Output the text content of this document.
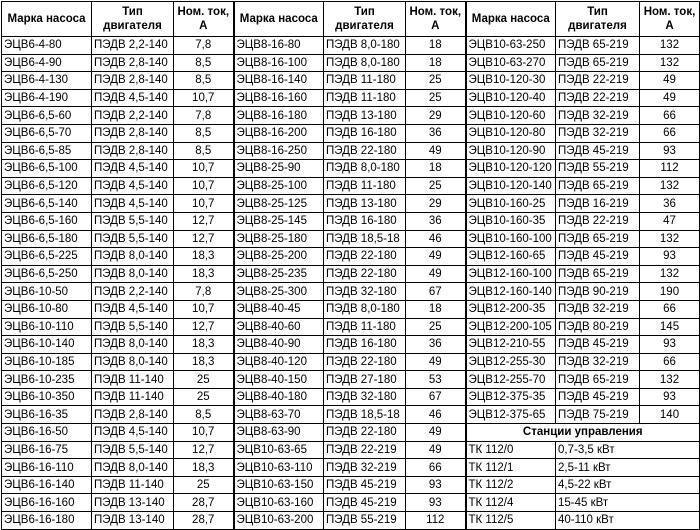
Марка насоса	Тип двигателя	Ном. ток, А	Марка насоса	Тип двигателя	Ном. ток, А	Марка насоса	Тип двигателя	Ном. ток, А
ЭЦВ6-4-80	ПЭДВ 2,2-140	7,8	ЭЦВ8-16-80	ПЭДВ 8,0-180	18	ЭЦВ10-63-250	ПЭДВ 65-219	132
ЭЦВ6-4-90	ПЭДВ 2,8-140	8,5	ЭЦВ8-16-100	ПЭДВ 8,0-180	18	ЭЦВ10-63-270	ПЭДВ 65-219	132
ЭЦВ6-4-130	ПЭДВ 2,8-140	8,5	ЭЦВ8-16-140	ПЭДВ 11-180	25	ЭЦВ10-120-30	ПЭДВ 22-219	49
ЭЦВ6-4-190	ПЭДВ 4,5-140	10,7	ЭЦВ8-16-160	ПЭДВ 11-180	25	ЭЦВ10-120-40	ПЭДВ 22-219	49
ЭЦВ6-6,5-60	ПЭДВ 2,2-140	7,8	ЭЦВ8-16-180	ПЭДВ 13-180	29	ЭЦВ10-120-60	ПЭДВ 32-219	66
ЭЦВ6-6,5-70	ПЭДВ 2,8-140	8,5	ЭЦВ8-16-200	ПЭДВ 16-180	36	ЭЦВ10-120-80	ПЭДВ 32-219	66
ЭЦВ6-6,5-85	ПЭДВ 2,8-140	8,5	ЭЦВ8-16-250	ПЭДВ 22-180	49	ЭЦВ10-120-90	ПЭДВ 45-219	93
ЭЦВ6-6,5-100	ПЭДВ 4,5-140	10,7	ЭЦВ8-25-90	ПЭДВ 8,0-180	18	ЭЦВ10-120-120	ПЭДВ 55-219	112
ЭЦВ6-6,5-120	ПЭДВ 4,5-140	10,7	ЭЦВ8-25-100	ПЭДВ 11-180	25	ЭЦВ10-120-140	ПЭДВ 65-219	132
ЭЦВ6-6,5-140	ПЭДВ 4,5-140	10,7	ЭЦВ8-25-125	ПЭДВ 13-180	29	ЭЦВ10-160-25	ПЭДВ 16-219	36
ЭЦВ6-6,5-160	ПЭДВ 5,5-140	12,7	ЭЦВ8-25-145	ПЭДВ 16-180	36	ЭЦВ10-160-35	ПЭДВ 22-219	47
ЭЦВ6-6,5-180	ПЭДВ 5,5-140	12,7	ЭЦВ8-25-180	ПЭДВ 18,5-18	46	ЭЦВ10-160-100	ПЭДВ 65-219	132
ЭЦВ6-6,5-225	ПЭДВ 8,0-140	18,3	ЭЦВ8-25-200	ПЭДВ 22-180	49	ЭЦВ12-160-65	ПЭДВ 45-219	93
ЭЦВ6-6,5-250	ПЭДВ 8,0-140	18,3	ЭЦВ8-25-235	ПЭДВ 22-180	49	ЭЦВ12-160-100	ПЭДВ 65-219	132
ЭЦВ6-10-50	ПЭДВ 2,2-140	7,8	ЭЦВ8-25-300	ПЭДВ 32-180	67	ЭЦВ12-160-140	ПЭДВ 90-219	190
ЭЦВ6-10-80	ПЭДВ 4,5-140	10,7	ЭЦВ8-40-45	ПЭДВ 8,0-180	18	ЭЦВ12-200-35	ПЭДВ 32-219	66
ЭЦВ6-10-110	ПЭДВ 5,5-140	12,7	ЭЦВ8-40-60	ПЭДВ 11-180	25	ЭЦВ12-200-105	ПЭДВ 80-219	145
ЭЦВ6-10-140	ПЭДВ 8,0-140	18,3	ЭЦВ8-40-90	ПЭДВ 16-180	36	ЭЦВ12-210-55	ПЭДВ 45-219	93
ЭЦВ6-10-185	ПЭДВ 8,0-140	18,3	ЭЦВ8-40-120	ПЭДВ 22-180	49	ЭЦВ12-255-30	ПЭДВ 32-219	66
ЭЦВ6-10-235	ПЭДВ 11-140	25	ЭЦВ8-40-150	ПЭДВ 27-180	53	ЭЦВ12-255-70	ПЭДВ 65-219	132
ЭЦВ6-10-350	ПЭДВ 11-140	25	ЭЦВ8-40-180	ПЭДВ 32-180	67	ЭЦВ12-375-35	ПЭДВ 45-219	93
ЭЦВ6-16-35	ПЭДВ 2,8-140	8,5	ЭЦВ8-63-70	ПЭДВ 18,5-18	46	ЭЦВ12-375-65	ПЭДВ 75-219	140
ЭЦВ6-16-50	ПЭДВ 4,5-140	10,7	ЭЦВ8-63-90	ПЭДВ 22-180	49	Станции управления		
ЭЦВ6-16-75	ПЭДВ 5,5-140	12,7	ЭЦВ10-63-65	ПЭДВ 22-219	49	ТК 112/0	0,7-3,5 кВт	
ЭЦВ6-16-110	ПЭДВ 8,0-140	18,3	ЭЦВ10-63-110	ПЭДВ 32-219	66	ТК 112/1	2,5-11 кВт	
ЭЦВ6-16-140	ПЭДВ 11-140	25	ЭЦВ10-63-150	ПЭДВ 45-219	93	ТК 112/2	4,5-22 кВт	
ЭЦВ6-16-160	ПЭДВ 13-140	28,7	ЭЦВ10-63-160	ПЭДВ 45-219	93	ТК 112/4	15-45 кВт	
ЭЦВ6-16-180	ПЭДВ 13-140	28,7	ЭЦВ10-63-200	ПЭДВ 55-219	112	ТК 112/5	40-110 кВт	
